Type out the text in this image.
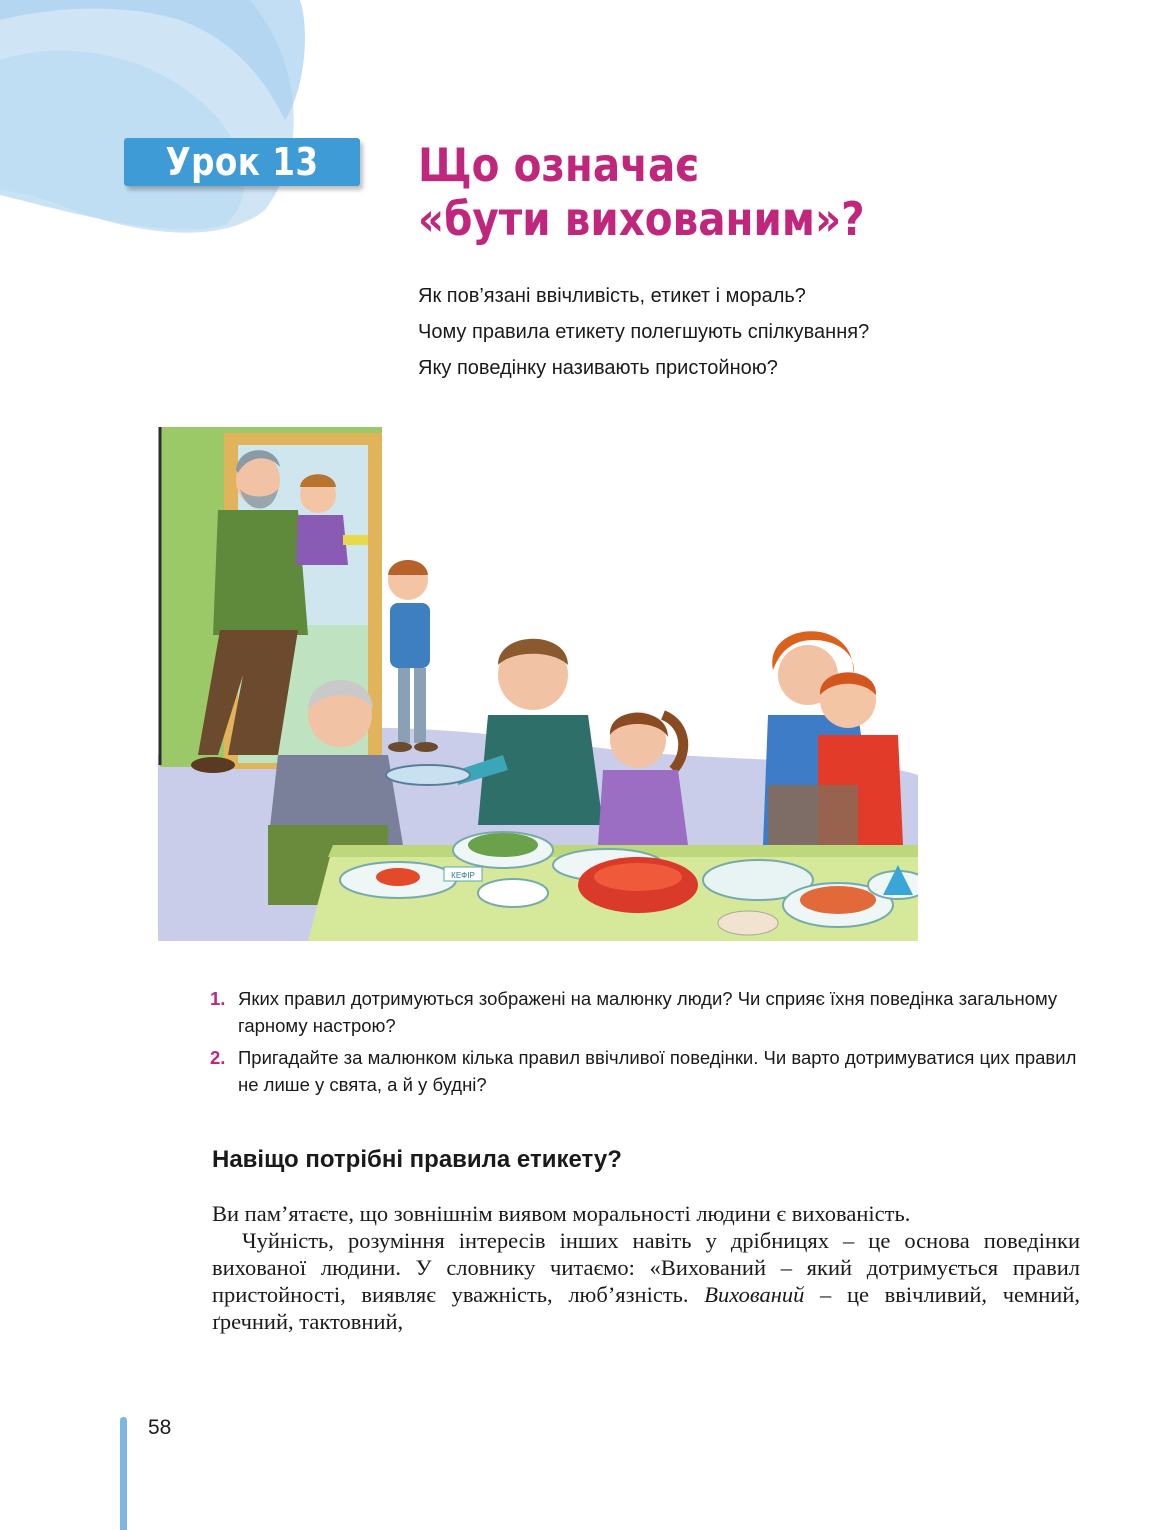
Урок 13 Що означає
«бути вихованим»?
Як пов’язані ввічливість, етикет і мораль?
Чому правила етикету полегшують спілкування?
Яку поведінку називають пристойною?
КЕФІР
1. Яких правил дотримуються зображені на малюнку люди? Чи сприяє їхня поведінка загальному гарному настрою?
2. Пригадайте за малюнком кілька правил ввічливої поведінки. Чи варто дотримуватися цих правил не лише у свята, а й у будні?
Навіщо потрібні правила етикету?

Ви пам’ятаєте, що зовнішнім виявом моральності людини є вихованість.

Чуйність, розуміння інтересів інших навіть у дрібницях – це основа поведінки вихованої людини. У словнику читаємо: «Вихований – який дотримується правил пристойності, виявляє уважність, люб’язність. Вихований – це ввічливий, чемний, ґречний, тактовний,

58
